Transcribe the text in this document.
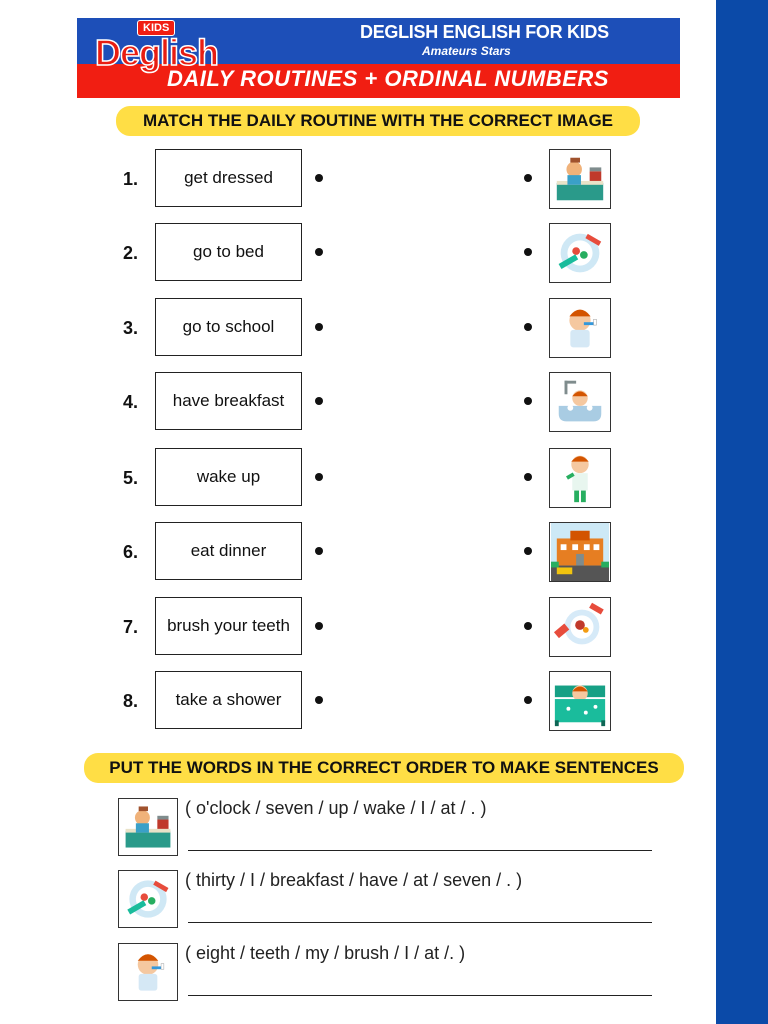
KIDS
Deglish	DEGLISH ENGLISH FOR KIDS
Amateurs Stars
DAILY ROUTINES + ORDINAL NUMBERS
MATCH THE DAILY ROUTINE WITH THE CORRECT IMAGE
1.	get dressed
2.	go to bed
3.	go to school
4.	have breakfast
5.	wake up
6.	eat dinner
7.	brush your teeth
8.	take a shower
PUT THE WORDS IN THE CORRECT ORDER TO MAKE SENTENCES
( o'clock / seven / up / wake / I / at / . )
( thirty / I / breakfast / have / at / seven / . )
( eight / teeth / my / brush / I / at /. )
